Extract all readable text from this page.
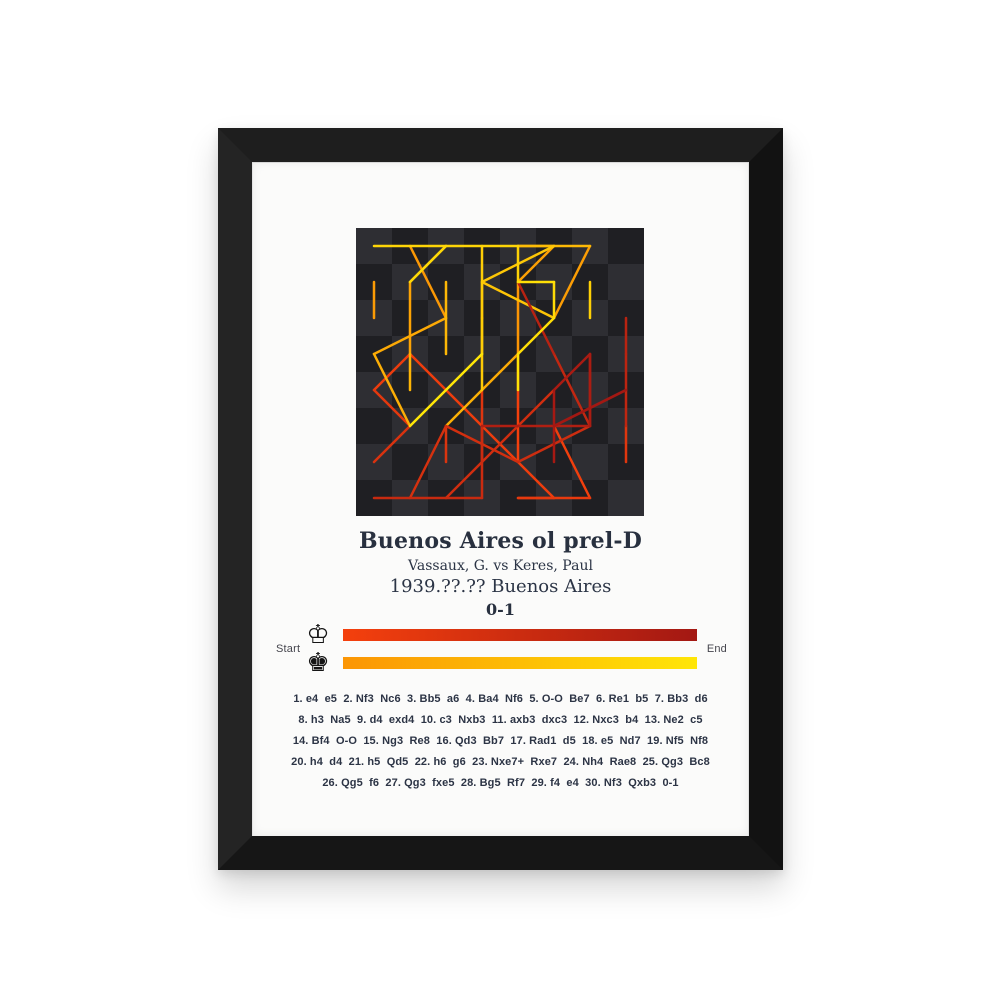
Buenos Aires ol prel-D
Vassaux, G. vs Keres, Paul
1939.??.?? Buenos Aires
0-1
Start ♔
♚	End
1. e4  e5  2. Nf3  Nc6  3. Bb5  a6  4. Ba4  Nf6  5. O-O  Be7  6. Re1  b5  7. Bb3  d6
8. h3  Na5  9. d4  exd4  10. c3  Nxb3  11. axb3  dxc3  12. Nxc3  b4  13. Ne2  c5
14. Bf4  O-O  15. Ng3  Re8  16. Qd3  Bb7  17. Rad1  d5  18. e5  Nd7  19. Nf5  Nf8
20. h4  d4  21. h5  Qd5  22. h6  g6  23. Nxe7+  Rxe7  24. Nh4  Rae8  25. Qg3  Bc8
26. Qg5  f6  27. Qg3  fxe5  28. Bg5  Rf7  29. f4  e4  30. Nf3  Qxb3  0-1
